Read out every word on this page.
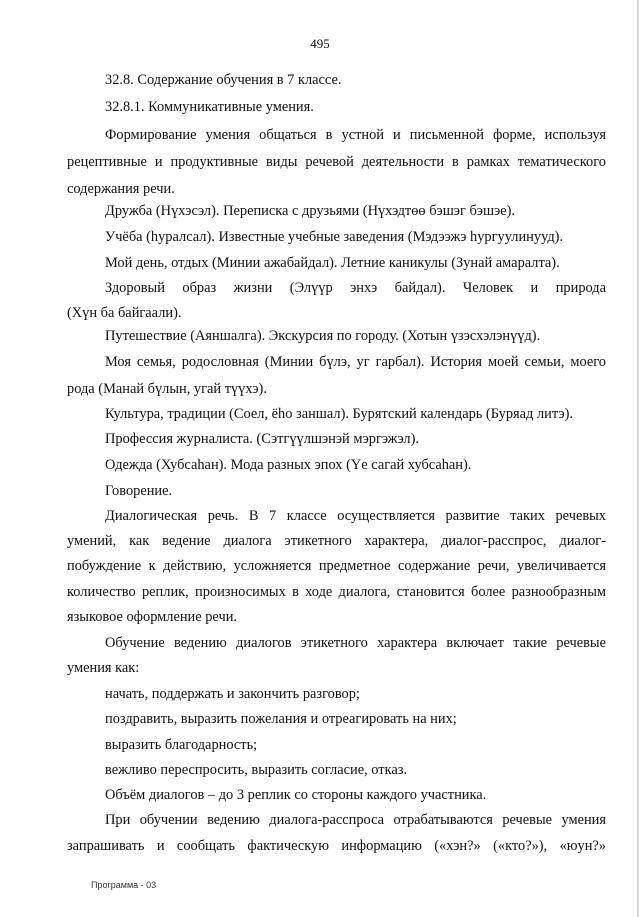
495
32.8. Содержание обучения в 7 классе.
32.8.1. Коммуникативные умения.
Формирование умения общаться в устной и письменной форме, используя
рецептивные и продуктивные виды речевой деятельности в рамках тематического
содержания речи.
Дружба (Нүхэсэл). Переписка с друзьями (Нүхэдтөө бэшэг бэшэе).
Учёба (һуралсал). Известные учебные заведения (Мэдээжэ һургуулинууд).
Мой день, отдых (Минии ажабайдал). Летние каникулы (Зунай амаралта).
Здоровый образ жизни (Элүүр энхэ байдал). Человек и природа
(Хүн ба байгаали).
Путешествие (Аяншалга). Экскурсия по городу. (Хотын үзэсхэлэнүүд).
Моя семья, родословная (Минии бүлэ, уг гарбал). История моей семьи, моего
рода (Манай бүлын, угай түүхэ).
Культура, традиции (Соел, ёһо заншал). Бурятский календарь (Буряад литэ).
Профессия журналиста. (Сэтгүүлшэнэй мэргэжэл).
Одежда (Хубсаһан). Мода разных эпох (Үе сагай хубсаһан).
Говорение.
Диалогическая речь. В 7 классе осуществляется развитие таких речевых
умений, как ведение диалога этикетного характера, диалог-расспрос, диалог-
побуждение к действию, усложняется предметное содержание речи, увеличивается
количество реплик, произносимых в ходе диалога, становится более разнообразным
языковое оформление речи.
Обучение ведению диалогов этикетного характера включает такие речевые
умения как:
начать, поддержать и закончить разговор;
поздравить, выразить пожелания и отреагировать на них;
выразить благодарность;
вежливо переспросить, выразить согласие, отказ.
Объём диалогов – до 3 реплик со стороны каждого участника.
При обучении ведению диалога-расспроса отрабатываются речевые умения
запрашивать и сообщать фактическую информацию («хэн?» («кто?»), «юун?»
Программа - 03
